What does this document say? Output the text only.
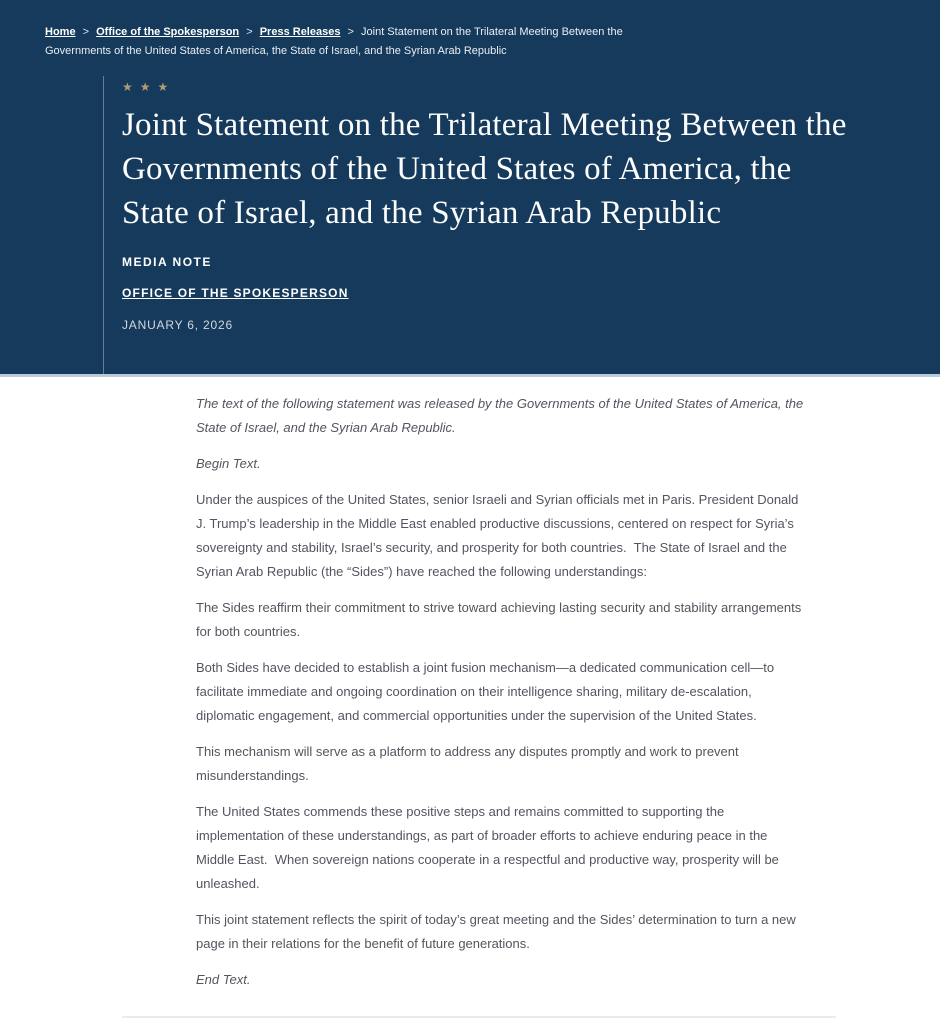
Home > Office of the Spokesperson > Press Releases > Joint Statement on the Trilateral Meeting Between the Governments of the United States of America, the State of Israel, and the Syrian Arab Republic
★★★
Joint Statement on the Trilateral Meeting Between the Governments of the United States of America, the State of Israel, and the Syrian Arab Republic
MEDIA NOTE
OFFICE OF THE SPOKESPERSON
JANUARY 6, 2026

The text of the following statement was released by the Governments of the United States of America, the State of Israel, and the Syrian Arab Republic.

Begin Text.

Under the auspices of the United States, senior Israeli and Syrian officials met in Paris. President Donald J. Trump’s leadership in the Middle East enabled productive discussions, centered on respect for Syria’s sovereignty and stability, Israel’s security, and prosperity for both countries.  The State of Israel and the Syrian Arab Republic (the “Sides”) have reached the following understandings:

The Sides reaffirm their commitment to strive toward achieving lasting security and stability arrangements for both countries.

Both Sides have decided to establish a joint fusion mechanism—a dedicated communication cell—to facilitate immediate and ongoing coordination on their intelligence sharing, military de-escalation, diplomatic engagement, and commercial opportunities under the supervision of the United States.

This mechanism will serve as a platform to address any disputes promptly and work to prevent misunderstandings.

The United States commends these positive steps and remains committed to supporting the implementation of these understandings, as part of broader efforts to achieve enduring peace in the Middle East.  When sovereign nations cooperate in a respectful and productive way, prosperity will be unleashed.

This joint statement reflects the spirit of today’s great meeting and the Sides’ determination to turn a new page in their relations for the benefit of future generations.

End Text.
